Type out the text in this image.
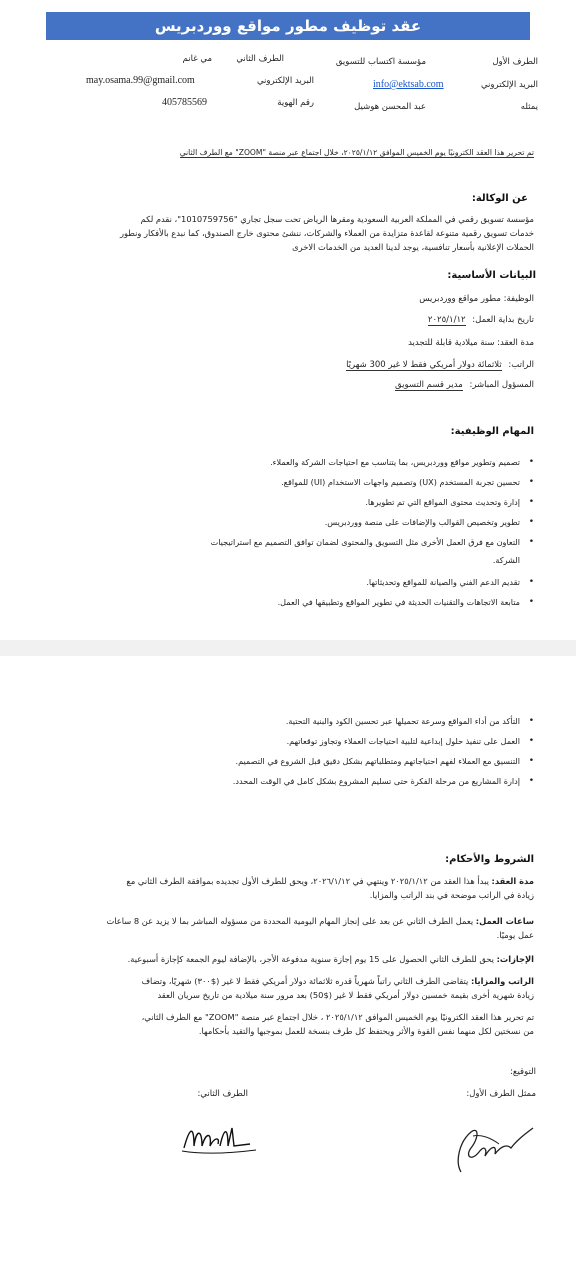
عقد توظيف مطور مواقع ووردبريس
الطرف الأول
مؤسسة اكتساب للتسويق
البريد الإلكتروني
info@ektsab.com
يمثله
عبد المحسن هوشيل
الطرف الثاني
مي غانم
البريد الإلكتروني
may.osama.99@gmail.com
رقم الهوية
405785569
تم تحرير هذا العقد الكترونيًا يوم الخميس الموافق ٢٠٢٥/١/١٢، خلال اجتماع عبر منصة "ZOOM" مع الطرف الثاني
عن الوكالة:
مؤسسة تسويق رقمي في المملكة العربية السعودية ومقرها الرياض تحت سجل تجاري "1010759756"، نقدم لكم
خدمات تسويق رقمية متنوعة لقاعدة متزايدة من العملاء والشركات، ننشئ محتوى خارج الصندوق، كما نبدع بالأفكار ونطور
الحملات الإعلانية بأسعار تنافسية، يوجد لدينا العديد من الخدمات الاخرى
البيانات الأساسية:
الوظيفة: مطور مواقع ووردبريس
تاريخ بداية العمل: ٢٠٢٥/١/١٢
مدة العقد: سنة ميلادية قابلة للتجديد
الراتب: ثلاثمائة دولار أمريكي فقط لا غير 300 شهريًا
المسؤول المباشر: مدير قسم التسويق
المهام الوظيفية:
• تصميم وتطوير مواقع ووردبريس، بما يتناسب مع احتياجات الشركة والعملاء.
• تحسين تجربة المستخدم (UX) وتصميم واجهات الاستخدام (UI) للمواقع.
• إدارة وتحديث محتوى المواقع التي تم تطويرها.
• تطوير وتخصيص القوالب والإضافات على منصة ووردبريس.
• التعاون مع فرق العمل الأخرى مثل التسويق والمحتوى لضمان توافق التصميم مع استراتيجيات
الشركة.
• تقديم الدعم الفني والصيانة للمواقع وتحديثاتها.
• متابعة الاتجاهات والتقنيات الحديثة في تطوير المواقع وتطبيقها في العمل.
• التأكد من أداء المواقع وسرعة تحميلها عبر تحسين الكود والبنية التحتية.
• العمل على تنفيذ حلول إبداعية لتلبية احتياجات العملاء وتجاوز توقعاتهم.
• التنسيق مع العملاء لفهم احتياجاتهم ومتطلباتهم بشكل دقيق قبل الشروع في التصميم.
• إدارة المشاريع من مرحلة الفكرة حتى تسليم المشروع بشكل كامل في الوقت المحدد.
الشروط والأحكام:
مدة العقد: يبدأ هذا العقد من ٢٠٢٥/١/١٢ وينتهي في ٢٠٢٦/١/١٢، ويحق للطرف الأول تجديده بموافقة الطرف الثاني مع
زيادة في الراتب موضحة في بند الراتب والمزايا.
ساعات العمل: يعمل الطرف الثاني عن بعد على إنجاز المهام اليومية المحددة من مسؤوله المباشر بما لا يزيد عن 8 ساعات
عمل يوميًا.
الإجازات: يحق للطرف الثاني الحصول على 15 يوم إجازة سنوية مدفوعة الأجر، بالإضافة ليوم الجمعة كإجازة أسبوعية.
الراتب والمزايا: يتقاضى الطرف الثاني راتباً شهرياً قدره ثلاثمائة دولار أمريكي فقط لا غير ($٣٠٠) شهريًا، وتضاف
زيادة شهرية أخرى بقيمة خمسين دولار أمريكي فقط لا غير ($50) بعد مرور سنة ميلادية من تاريخ سريان العقد
تم تحرير هذا العقد الكترونيًا يوم الخميس الموافق ٢٠٢٥/١/١٢ ، خلال اجتماع عبر منصة "ZOOM" مع الطرف الثاني،
من نسختين لكل منهما نفس القوة والأثر ويحتفظ كل طرف بنسخة للعمل بموجبها والتقيد بأحكامها.
التوقيع:
ممثل الطرف الأول:
الطرف الثاني:
